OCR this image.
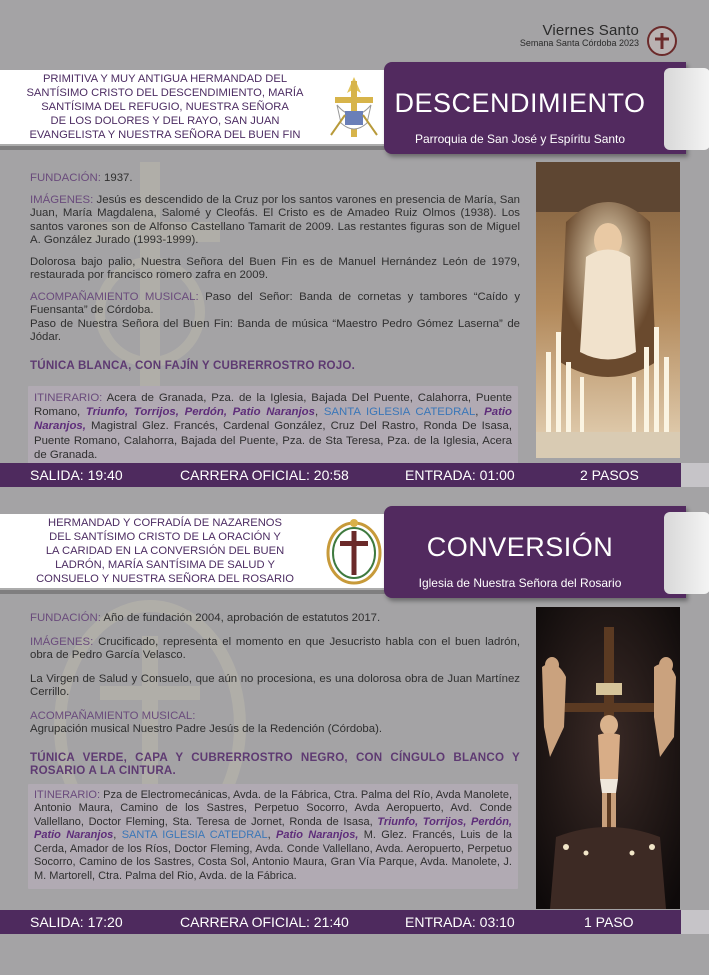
Viernes Santo
Semana Santa Córdoba 2023
PRIMITIVA Y MUY ANTIGUA HERMANDAD DEL
SANTÍSIMO CRISTO DEL DESCENDIMIENTO, MARÍA
SANTÍSIMA DEL REFUGIO, NUESTRA SEÑORA
DE LOS DOLORES Y DEL RAYO, SAN JUAN
EVANGELISTA Y NUESTRA SEÑORA DEL BUEN FIN
DESCENDIMIENTO
Parroquia de San José y Espíritu Santo
FUNDACIÓN: 1937.
IMÁGENES: Jesús es descendido de la Cruz por los santos varones en presencia de María, San Juan, María Magdalena, Salomé y Cleofás. El Cristo es de Amadeo Ruiz Olmos (1938). Los santos varones son de Alfonso Castellano Tamarit de 2009. Las restantes figuras son de Miguel A. González Jurado (1993-1999).
Dolorosa bajo palio, Nuestra Señora del Buen Fin es de Manuel Hernández León de 1979, restaurada por francisco romero zafra en 2009.
ACOMPAÑAMIENTO MUSICAL: Paso del Señor: Banda de cornetas y tambores “Caído y Fuensanta” de Córdoba.
Paso de Nuestra Señora del Buen Fin: Banda de música “Maestro Pedro Gómez Laserna” de Jódar.
TÚNICA BLANCA, CON FAJÍN Y CUBRERROSTRO ROJO.
ITINERARIO: Acera de Granada, Pza. de la Iglesia, Bajada Del Puente, Calahorra, Puente Romano, Triunfo, Torrijos, Perdón, Patio Naranjos, SANTA IGLESIA CATEDRAL, Patio Naranjos, Magistral Glez. Francés, Cardenal González, Cruz Del Rastro, Ronda De Isasa, Puente Romano, Calahorra, Bajada del Puente, Pza. de Sta Teresa, Pza. de la Iglesia, Acera de Granada.
SALIDA: 19:40	CARRERA OFICIAL: 20:58	ENTRADA: 01:00	2 PASOS
HERMANDAD Y COFRADÍA DE NAZARENOS
DEL SANTÍSIMO CRISTO DE LA ORACIÓN Y
LA CARIDAD EN LA CONVERSIÓN DEL BUEN
LADRÓN, MARÍA SANTÍSIMA DE SALUD Y
CONSUELO Y NUESTRA SEÑORA DEL ROSARIO
CONVERSIÓN
Iglesia de Nuestra Señora del Rosario
FUNDACIÓN: Año de fundación 2004, aprobación de estatutos 2017.
IMÁGENES: Crucificado, representa el momento en que Jesucristo habla con el buen ladrón, obra de Pedro García Velasco.
La Virgen de Salud y Consuelo, que aún no procesiona, es una dolorosa obra de Juan Martínez Cerrillo.
ACOMPAÑAMIENTO MUSICAL:
Agrupación musical Nuestro Padre Jesús de la Redención (Córdoba).
TÚNICA VERDE, CAPA Y CUBRERROSTRO NEGRO, CON CÍNGULO BLANCO Y ROSARIO A LA CINTURA.
ITINERARIO: Pza de Electromecánicas, Avda. de la Fábrica, Ctra. Palma del Río, Avda Manolete, Antonio Maura, Camino de los Sastres, Perpetuo Socorro, Avda Aeropuerto, Avd. Conde Vallellano, Doctor Fleming, Sta. Teresa de Jornet, Ronda de Isasa, Triunfo, Torrijos, Perdón, Patio Naranjos, SANTA IGLESIA CATEDRAL, Patio Naranjos, M. Glez. Francés, Luis de la Cerda, Amador de los Ríos, Doctor Fleming, Avda. Conde Vallellano, Avda. Aeropuerto, Perpetuo Socorro, Camino de los Sastres, Costa Sol, Antonio Maura, Gran Vía Parque, Avda. Manolete, J. M. Martorell, Ctra. Palma del Rio, Avda. de la Fábrica.
SALIDA: 17:20	CARRERA OFICIAL: 21:40	ENTRADA: 03:10	1 PASO
